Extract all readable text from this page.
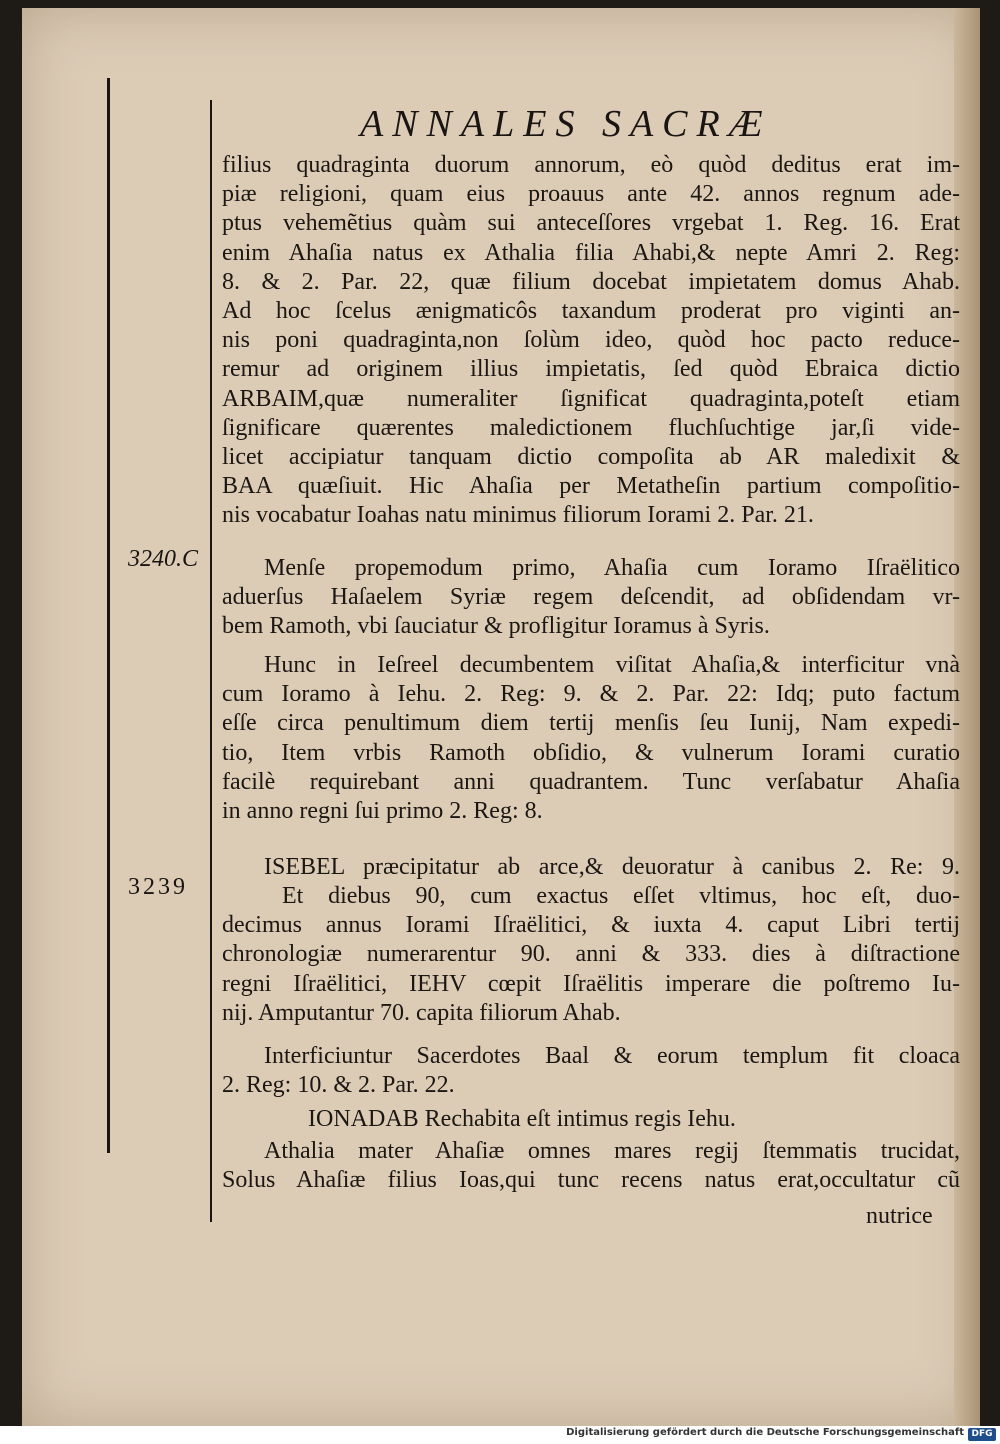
ANNALES SACRÆ
3240.C
3239
filius quadraginta duorum annorum, eò quòd deditus erat im-
piæ religioni, quam eius proauus ante 42. annos regnum ade-
ptus vehemẽtius quàm sui anteceſſores vrgebat 1. Reg. 16. Erat
enim Ahaſia natus ex Athalia filia Ahabi,& nepte Amri 2. Reg:
8. & 2. Par. 22, quæ filium docebat impietatem domus Ahab.
Ad hoc ſcelus ænigmaticôs taxandum proderat pro viginti an-
nis poni quadraginta,non ſolùm ideo, quòd hoc pacto reduce-
remur ad originem illius impietatis, ſed quòd Ebraica dictio
ARBAIM,quæ numeraliter ſignificat quadraginta,poteſt etiam
ſignificare quærentes maledictionem fluchſuchtige jar,ſi vide-
licet accipiatur tanquam dictio compoſita ab AR maledixit &
BAA quæſiuit. Hic Ahaſia per Metatheſin partium compoſitio-
nis vocabatur Ioahas natu minimus filiorum Iorami 2. Par. 21.
Menſe propemodum primo, Ahaſia cum Ioramo Iſraëlitico
aduerſus Haſaelem Syriæ regem deſcendit, ad obſidendam vr-
bem Ramoth, vbi ſauciatur & profligitur Ioramus à Syris.
Hunc in Ieſreel decumbentem viſitat Ahaſia,& interficitur vnà
cum Ioramo à Iehu. 2. Reg: 9. & 2. Par. 22: Idq; puto factum
eſſe circa penultimum diem tertij menſis ſeu Iunij, Nam expedi-
tio, Item vrbis Ramoth obſidio, & vulnerum Iorami curatio
facilè requirebant anni quadrantem. Tunc verſabatur Ahaſia
in anno regni ſui primo 2. Reg: 8.
ISEBEL præcipitatur ab arce,& deuoratur à canibus 2. Re: 9.
Et diebus 90, cum exactus eſſet vltimus, hoc eſt, duo-
decimus annus Iorami Iſraëlitici, & iuxta 4. caput Libri tertij
chronologiæ numerarentur 90. anni & 333. dies à diſtractione
regni Iſraëlitici, IEHV cœpit Iſraëlitis imperare die poſtremo Iu-
nij. Amputantur 70. capita filiorum Ahab.
Interficiuntur Sacerdotes Baal & eorum templum fit cloaca
2. Reg: 10. & 2. Par. 22.
IONADAB Rechabita eſt intimus regis Iehu.
Athalia mater Ahaſiæ omnes mares regij ſtemmatis trucidat,
Solus Ahaſiæ filius Ioas,qui tunc recens natus erat,occultatur cũ
nutrice
Digitalisierung gefördert durch die Deutsche Forschungsgemeinschaft DFG
